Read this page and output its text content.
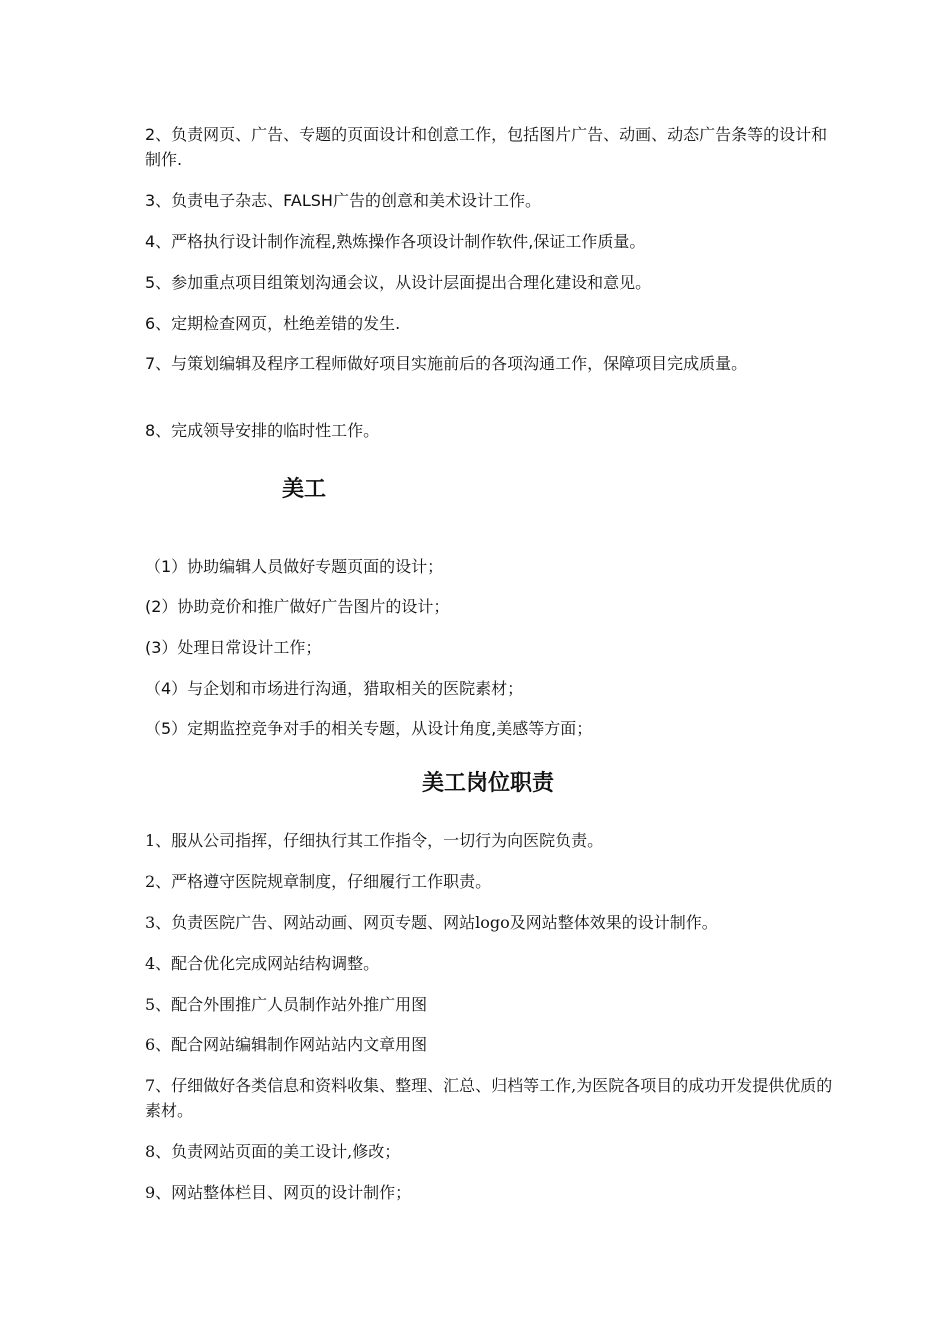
2、负责网页、广告、专题的页面设计和创意工作，包括图片广告、动画、动态广告条等的设计和制作.

3、负责电子杂志、FALSH广告的创意和美术设计工作。

4、严格执行设计制作流程,熟炼操作各项设计制作软件,保证工作质量。

5、参加重点项目组策划沟通会议，从设计层面提出合理化建设和意见。

6、定期检查网页，杜绝差错的发生.

7、与策划编辑及程序工程师做好项目实施前后的各项沟通工作，保障项目完成质量。

8、完成领导安排的临时性工作。

美工

（1）协助编辑人员做好专题页面的设计；

(2）协助竞价和推广做好广告图片的设计；

(3）处理日常设计工作；

（4）与企划和市场进行沟通，猎取相关的医院素材；

（5）定期监控竞争对手的相关专题，从设计角度,美感等方面；

美工岗位职责

1、服从公司指挥，仔细执行其工作指令，一切行为向医院负责。

2、严格遵守医院规章制度，仔细履行工作职责。

3、负责医院广告、网站动画、网页专题、网站logo及网站整体效果的设计制作。

4、配合优化完成网站结构调整。

5、配合外围推广人员制作站外推广用图

6、配合网站编辑制作网站站内文章用图

7、仔细做好各类信息和资料收集、整理、汇总、归档等工作,为医院各项目的成功开发提供优质的素材。

8、负责网站页面的美工设计,修改；

9、网站整体栏目、网页的设计制作；
